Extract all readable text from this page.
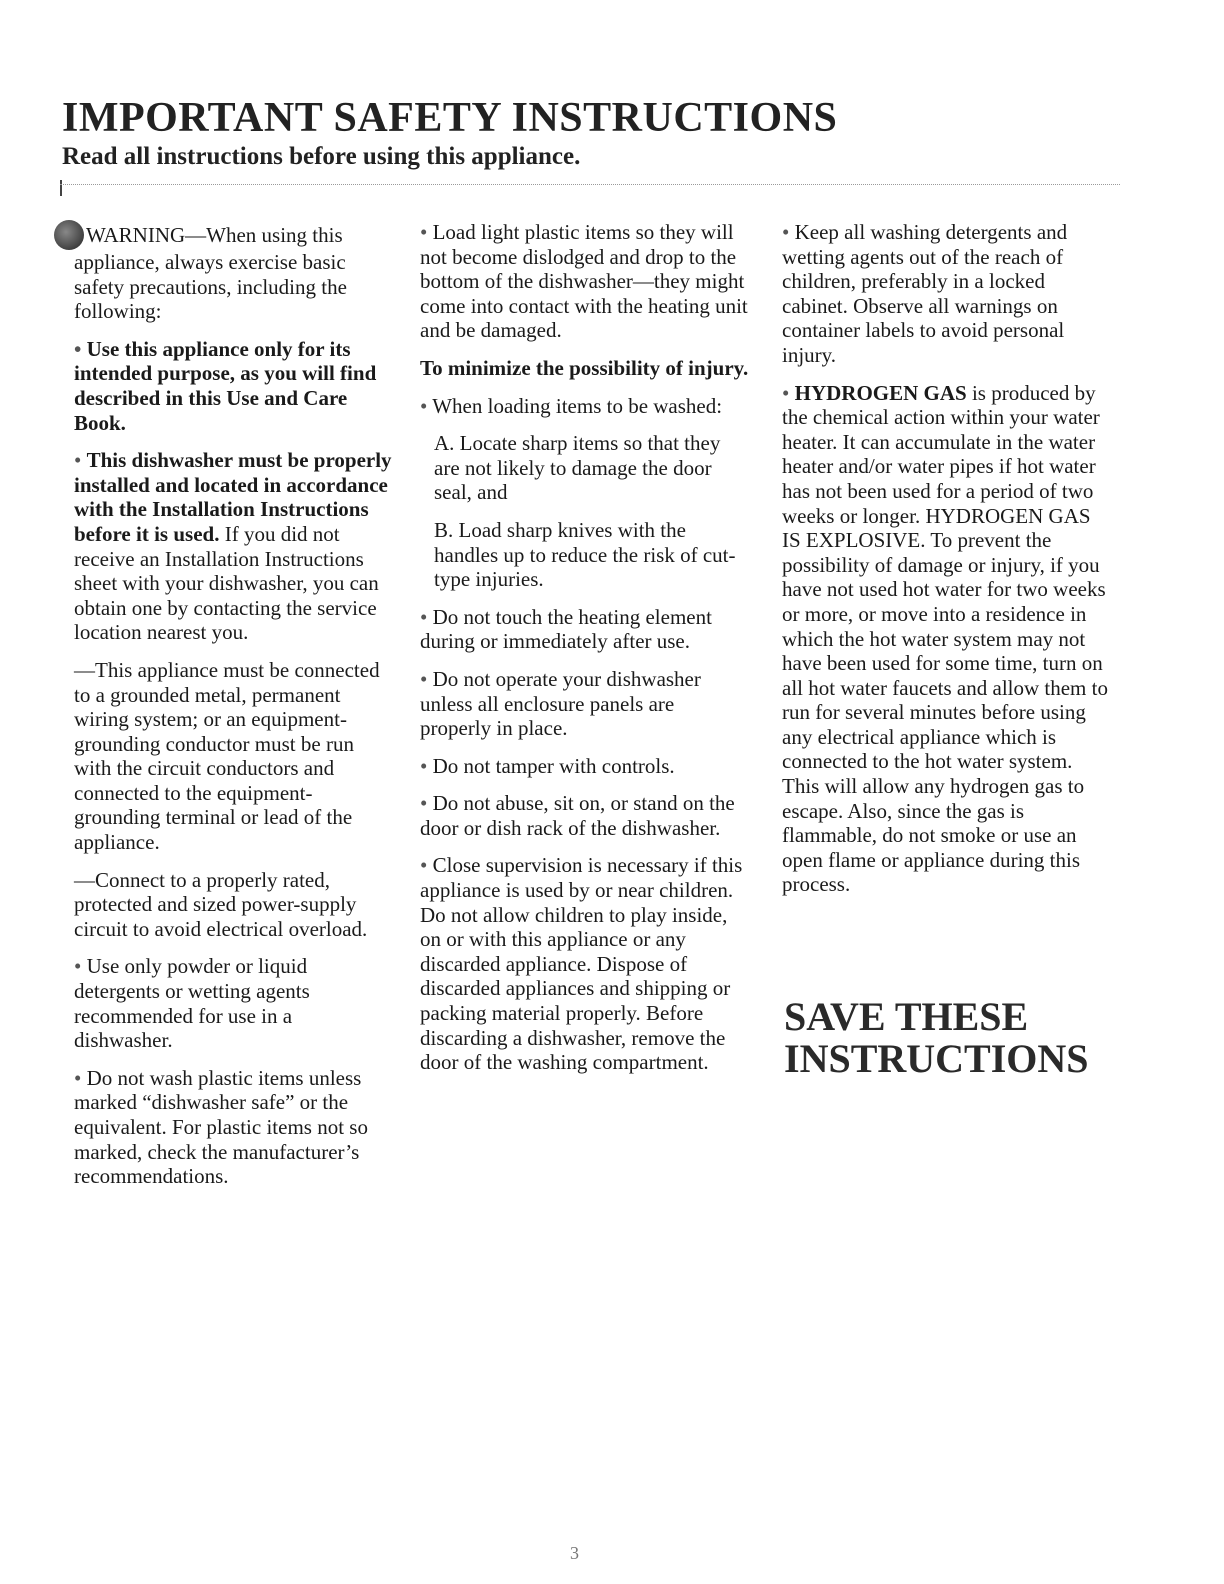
IMPORTANT SAFETY INSTRUCTIONS
Read all instructions before using this appliance.

WARNING—When using this appliance, always exercise basic safety precautions, including the following:

• Use this appliance only for its intended purpose, as you will find described in this Use and Care Book.

• This dishwasher must be properly installed and located in accordance with the Installation Instructions before it is used. If you did not receive an Installation Instructions sheet with your dishwasher, you can obtain one by contacting the service location nearest you.

—This appliance must be connected to a grounded metal, permanent wiring system; or an equipment-grounding conductor must be run with the circuit conductors and connected to the equipment-grounding terminal or lead of the appliance.

—Connect to a properly rated, protected and sized power-supply circuit to avoid electrical overload.

• Use only powder or liquid detergents or wetting agents recommended for use in a dishwasher.

• Do not wash plastic items unless marked “dishwasher safe” or the equivalent. For plastic items not so marked, check the manufacturer’s recommendations.

• Load light plastic items so they will not become dislodged and drop to the bottom of the dishwasher—they might come into contact with the heating unit and be damaged.

To minimize the possibility of injury.

• When loading items to be washed:

A. Locate sharp items so that they are not likely to damage the door seal, and

B. Load sharp knives with the handles up to reduce the risk of cut-type injuries.

• Do not touch the heating element during or immediately after use.

• Do not operate your dishwasher unless all enclosure panels are properly in place.

• Do not tamper with controls.

• Do not abuse, sit on, or stand on the door or dish rack of the dishwasher.

• Close supervision is necessary if this appliance is used by or near children. Do not allow children to play inside, on or with this appliance or any discarded appliance. Dispose of discarded appliances and shipping or packing material properly. Before discarding a dishwasher, remove the door of the washing compartment.

• Keep all washing detergents and wetting agents out of the reach of children, preferably in a locked cabinet. Observe all warnings on container labels to avoid personal injury.

• HYDROGEN GAS is produced by the chemical action within your water heater. It can accumulate in the water heater and/or water pipes if hot water has not been used for a period of two weeks or longer. HYDROGEN GAS IS EXPLOSIVE. To prevent the possibility of damage or injury, if you have not used hot water for two weeks or more, or move into a residence in which the hot water system may not have been used for some time, turn on all hot water faucets and allow them to run for several minutes before using any electrical appliance which is connected to the hot water system. This will allow any hydrogen gas to escape. Also, since the gas is flammable, do not smoke or use an open flame or appliance during this process.

SAVE THESE
INSTRUCTIONS
3
